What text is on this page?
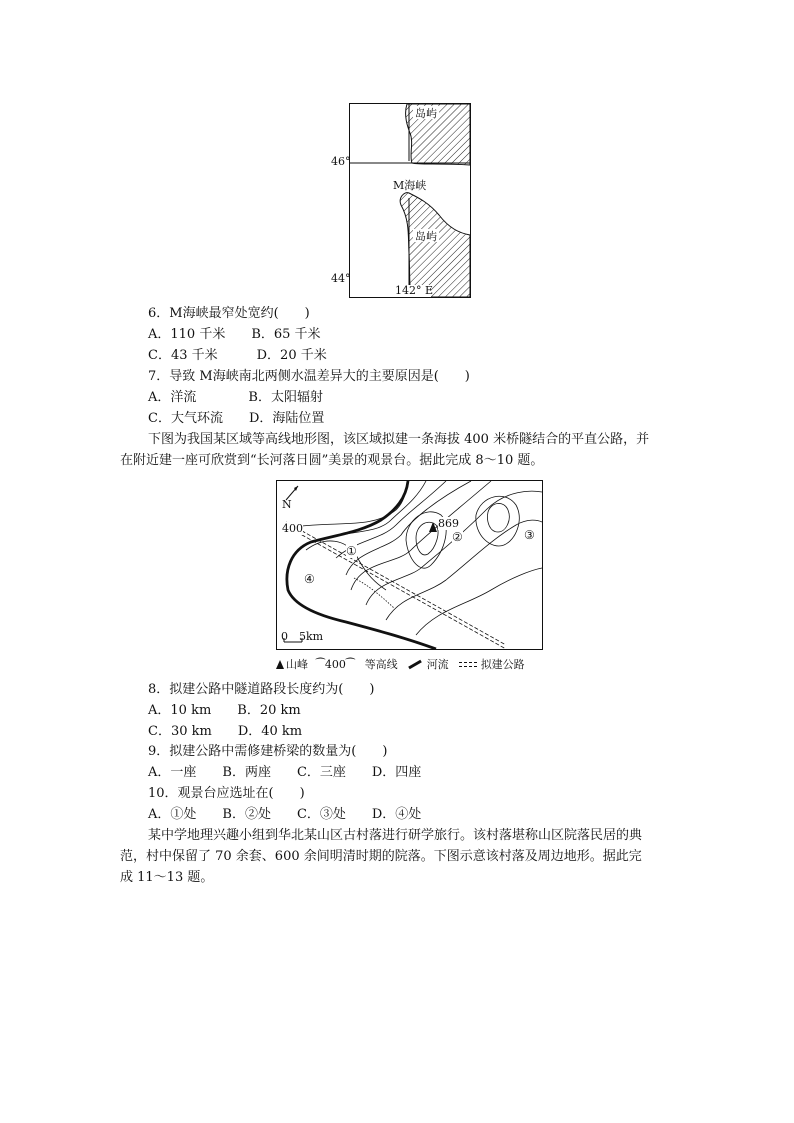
岛屿
岛屿
M海峡
46°
44°
142° E
6．M海峡最窄处宽约(　　)
A．110 千米　　B．65 千米
C．43 千米　　　D．20 千米
7．导致 M海峡南北两侧水温差异大的主要原因是(　　)
A．洋流　　　　B．太阳辐射
C．大气环流　　D．海陆位置
下图为我国某区域等高线地形图，该区域拟建一条海拔 400 米桥隧结合的平直公路，并
在附近建一座可欣赏到“长河落日圆”美景的观景台。据此完成 8～10 题。
N
400	869
①
②	③
④
0　5km
山峰 ⁀ 400 ⁀ 等高线	河流	拟建公路
8．拟建公路中隧道路段长度约为(　　)
A．10 km　　B．20 km
C．30 km　　D．40 km
9．拟建公路中需修建桥梁的数量为(　　)
A．一座　　B．两座　　C．三座　　D．四座
10．观景台应选址在(　　)
A．①处　　B．②处　　C．③处　　D．④处
某中学地理兴趣小组到华北某山区古村落进行研学旅行。该村落堪称山区院落民居的典
范，村中保留了 70 余套、600 余间明清时期的院落。下图示意该村落及周边地形。据此完
成 11～13 题。
